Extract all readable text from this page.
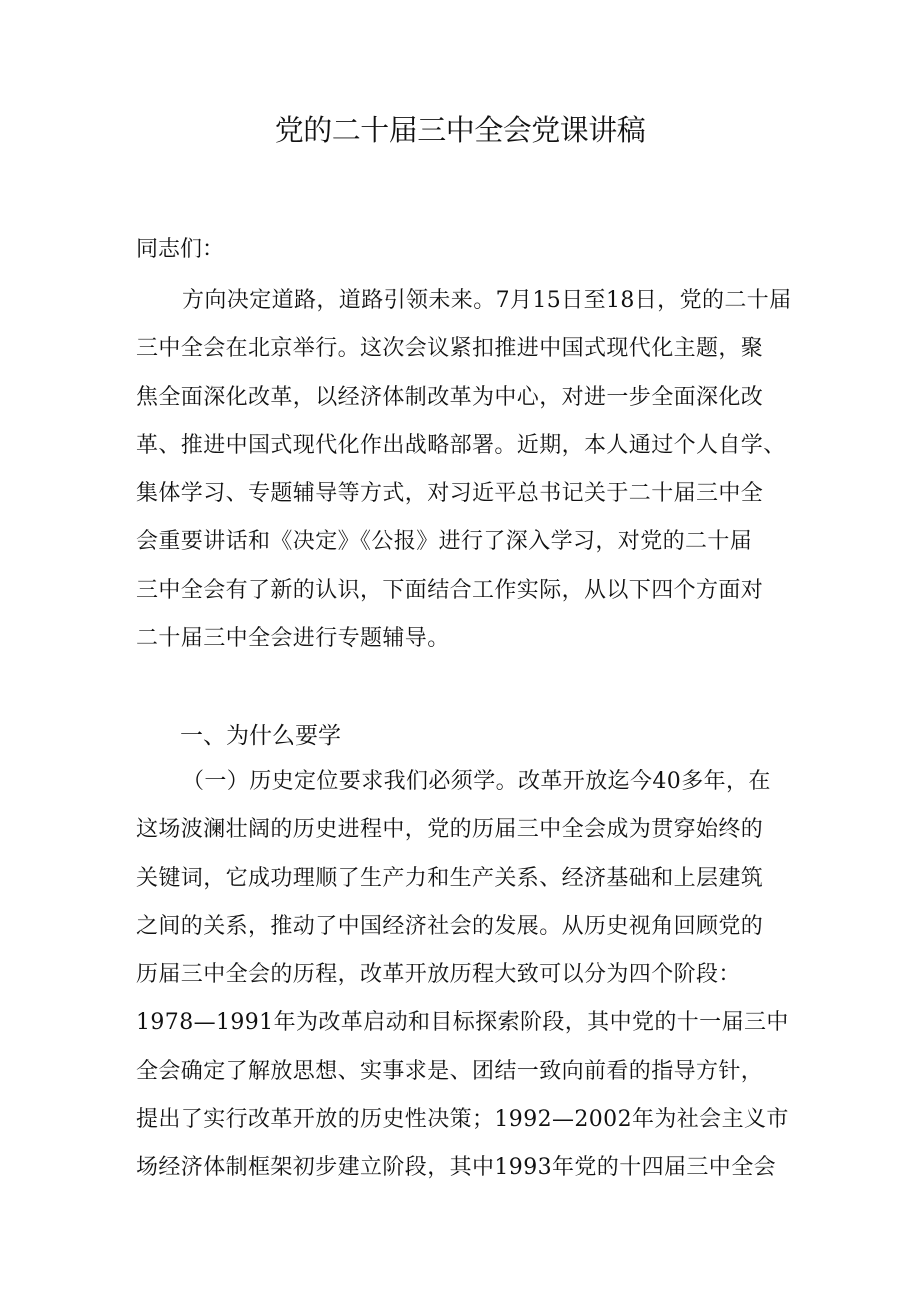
党的二十届三中全会党课讲稿

同志们：

方向决定道路，道路引领未来。7月15日至18日，党的二十届
三中全会在北京举行。这次会议紧扣推进中国式现代化主题，聚
焦全面深化改革，以经济体制改革为中心，对进一步全面深化改
革、推进中国式现代化作出战略部署。近期，本人通过个人自学、
集体学习、专题辅导等方式，对习近平总书记关于二十届三中全
会重要讲话和《决定》《公报》进行了深入学习，对党的二十届
三中全会有了新的认识，下面结合工作实际，从以下四个方面对
二十届三中全会进行专题辅导。
一、为什么要学
（一）历史定位要求我们必须学。改革开放迄今40多年，在
这场波澜壮阔的历史进程中，党的历届三中全会成为贯穿始终的
关键词，它成功理顺了生产力和生产关系、经济基础和上层建筑
之间的关系，推动了中国经济社会的发展。从历史视角回顾党的
历届三中全会的历程，改革开放历程大致可以分为四个阶段：
1978—1991年为改革启动和目标探索阶段，其中党的十一届三中
全会确定了解放思想、实事求是、团结一致向前看的指导方针，
提出了实行改革开放的历史性决策；1992—2002年为社会主义市
场经济体制框架初步建立阶段，其中1993年党的十四届三中全会
